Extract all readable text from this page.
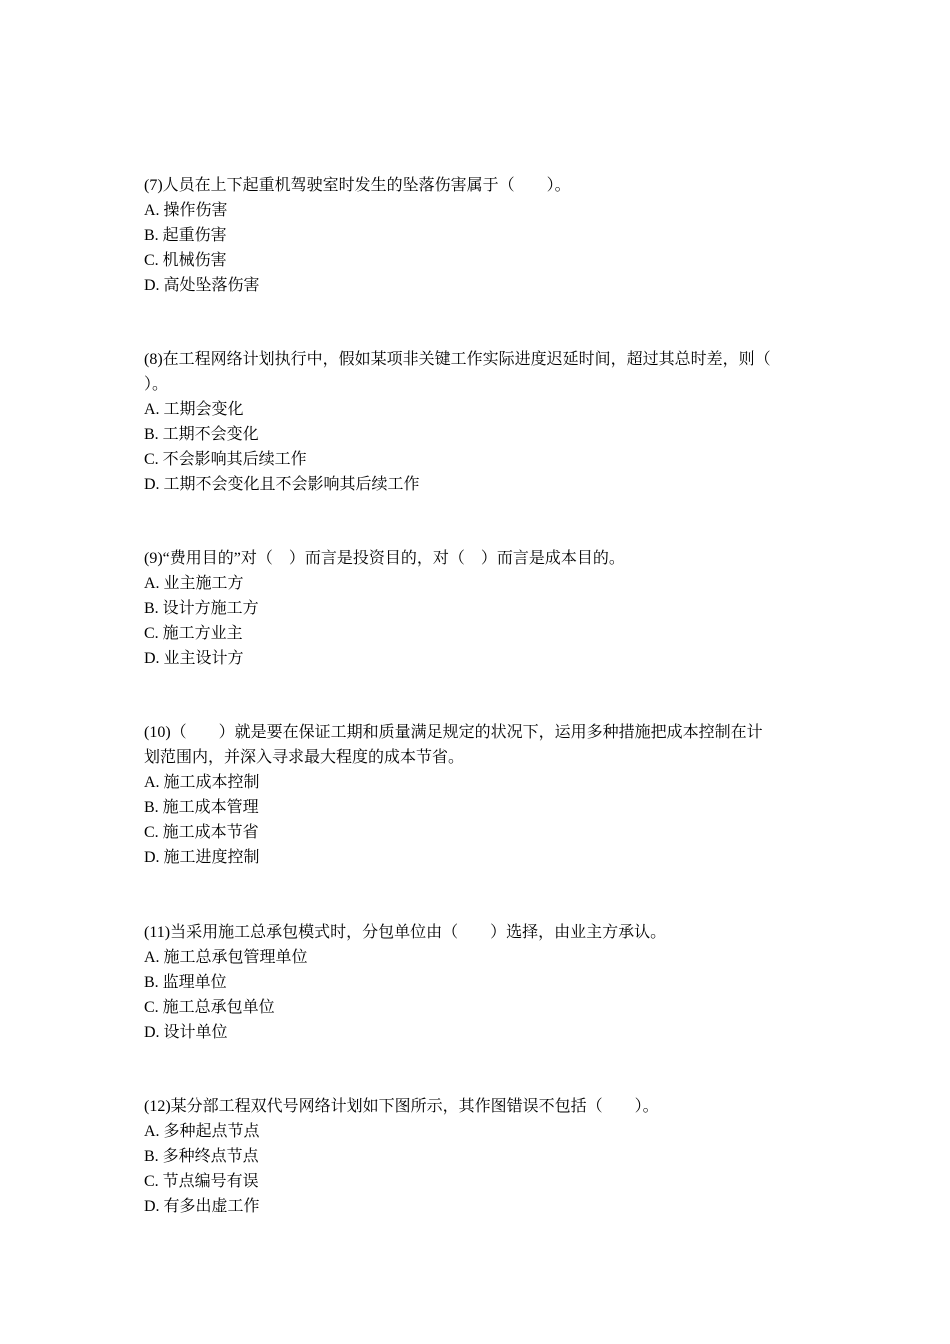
(7)人员在上下起重机驾驶室时发生的坠落伤害属于（　　）。
A. 操作伤害
B. 起重伤害
C. 机械伤害
D. 高处坠落伤害
(8)在工程网络计划执行中，假如某项非关键工作实际进度迟延时间，超过其总时差，则（
）。
A. 工期会变化
B. 工期不会变化
C. 不会影响其后续工作
D. 工期不会变化且不会影响其后续工作
(9)“费用目的”对（　）而言是投资目的，对（　）而言是成本目的。
A. 业主施工方
B. 设计方施工方
C. 施工方业主
D. 业主设计方
(10)（　　）就是要在保证工期和质量满足规定的状况下，运用多种措施把成本控制在计
划范围内，并深入寻求最大程度的成本节省。
A. 施工成本控制
B. 施工成本管理
C. 施工成本节省
D. 施工进度控制
(11)当采用施工总承包模式时，分包单位由（　　）选择，由业主方承认。
A. 施工总承包管理单位
B. 监理单位
C. 施工总承包单位
D. 设计单位
(12)某分部工程双代号网络计划如下图所示，其作图错误不包括（　　）。
A. 多种起点节点
B. 多种终点节点
C. 节点编号有误
D. 有多出虚工作
